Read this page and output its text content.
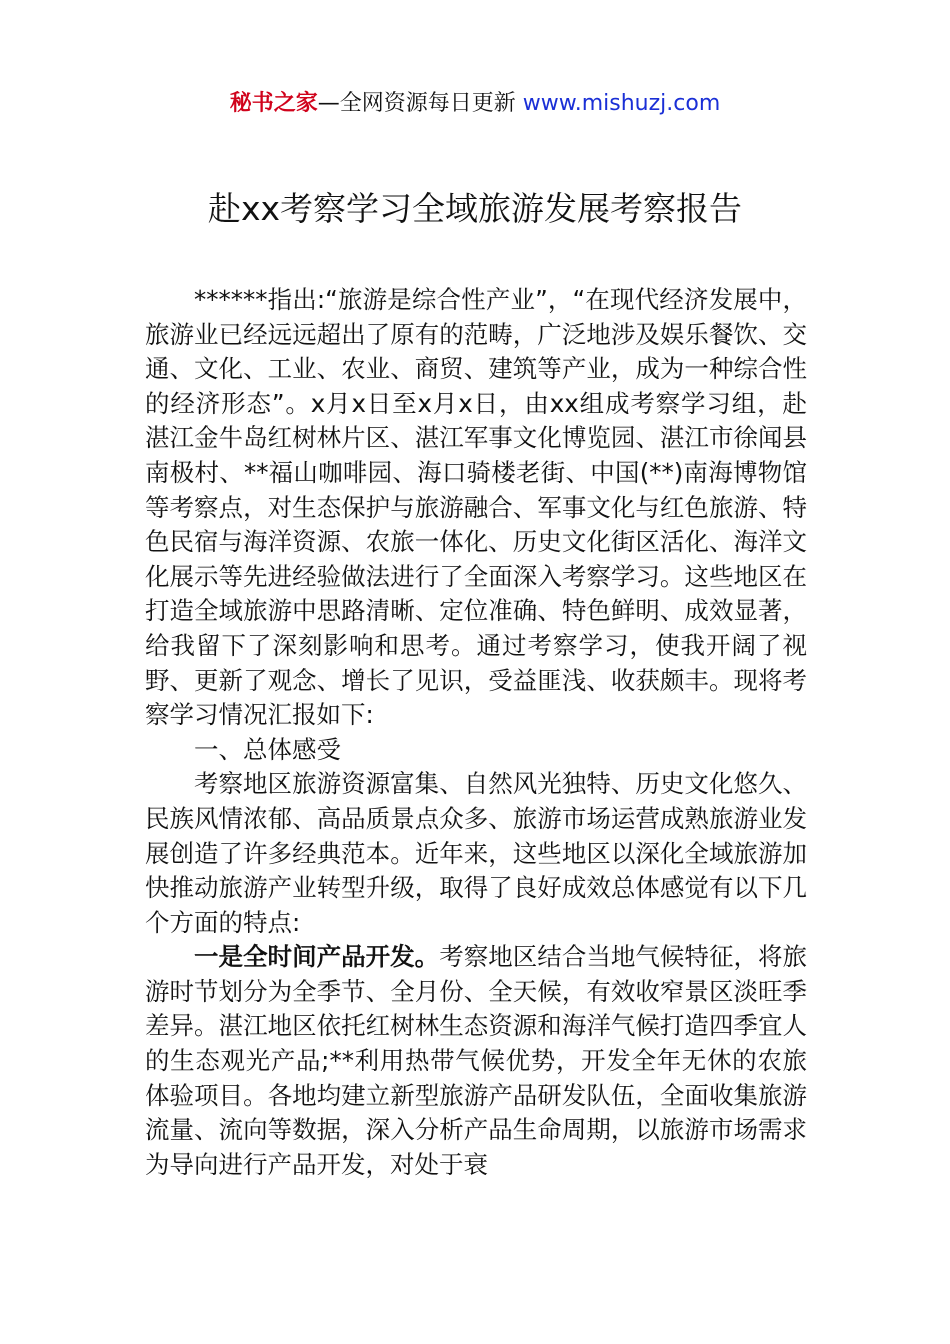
秘书之家—全网资源每日更新 www.mishuzj.com
赴xx考察学习全域旅游发展考察报告

******指出:“旅游是综合性产业”，“在现代经济发展中，旅游业已经远远超出了原有的范畴，广泛地涉及娱乐餐饮、交通、文化、工业、农业、商贸、建筑等产业，成为一种综合性的经济形态”。x月x日至x月x日，由xx组成考察学习组，赴湛江金牛岛红树林片区、湛江军事文化博览园、湛江市徐闻县南极村、**福山咖啡园、海口骑楼老街、中国(**)南海博物馆等考察点，对生态保护与旅游融合、军事文化与红色旅游、特色民宿与海洋资源、农旅一体化、历史文化街区活化、海洋文化展示等先进经验做法进行了全面深入考察学习。这些地区在打造全域旅游中思路清晰、定位准确、特色鲜明、成效显著，给我留下了深刻影响和思考。通过考察学习，使我开阔了视野、更新了观念、增长了见识，受益匪浅、收获颇丰。现将考察学习情况汇报如下:

一、总体感受

考察地区旅游资源富集、自然风光独特、历史文化悠久、民族风情浓郁、高品质景点众多、旅游市场运营成熟旅游业发展创造了许多经典范本。近年来，这些地区以深化全域旅游加快推动旅游产业转型升级，取得了良好成效总体感觉有以下几个方面的特点:

一是全时间产品开发。考察地区结合当地气候特征，将旅游时节划分为全季节、全月份、全天候，有效收窄景区淡旺季差异。湛江地区依托红树林生态资源和海洋气候打造四季宜人的生态观光产品;**利用热带气候优势，开发全年无休的农旅体验项目。各地均建立新型旅游产品研发队伍，全面收集旅游流量、流向等数据，深入分析产品生命周期，以旅游市场需求为导向进行产品开发，对处于衰
